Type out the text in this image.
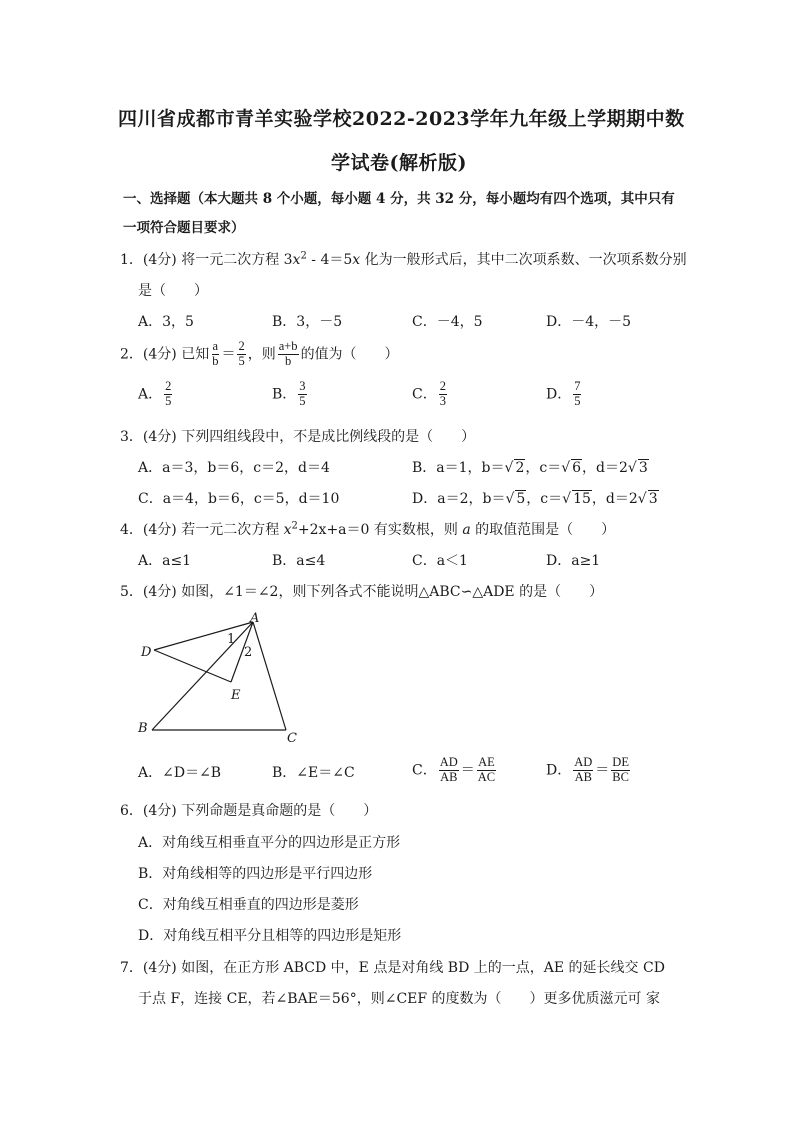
四川省成都市青羊实验学校2022-2023学年九年级上学期期中数
学试卷(解析版)
一、选择题（本大题共 8 个小题，每小题 4 分，共 32 分，每小题均有四个选项，其中只有
一项符合题目要求）
1．(4分) 将一元二次方程 $3x^2 - 4=5x$ 化为一般形式后，其中二次项系数、一次项系数分别
是（　　）
A．3，5	B．3，－5	C．－4，5	D．－4，－5
2．(4分) 已知 $\frac{a}{b} = \frac{2}{5}$ ，则 $\frac{a+b}{b}$ 的值为（　　）
A． $\frac{2}{5}$	B． $\frac{3}{5}$	C． $\frac{2}{3}$	D． $\frac{7}{5}$
3．(4分) 下列四组线段中，不是成比例线段的是（　　）
A．a＝3，b＝6，c＝2，d＝4	B．a＝1，b＝√ 2，c＝√ 6，d＝2√ 3
C．a＝4，b＝6，c＝5，d＝10	D．a＝2，b＝√ 5，c＝√ 15，d＝2√ 3
4．(4分) 若一元二次方程 $x^2+2x+a=0$ 有实数根，则 a 的取值范围是（　　）
A．a≤1	B．a≤4	C．a＜1	D．a≥1
5．(4分) 如图，∠1＝∠2，则下列各式不能说明△ABC∽△ADE 的是（　　）
A
B
C
D
E
1
2
A．∠D＝∠B	B．∠E＝∠C	C． $\frac{AD}{AB} = \frac{AE}{AC}$	D． $\frac{AD}{AB} = \frac{DE}{BC}$
6．(4分) 下列命题是真命题的是（　　）
A．对角线互相垂直平分的四边形是正方形
B．对角线相等的四边形是平行四边形
C．对角线互相垂直的四边形是菱形
D．对角线互相平分且相等的四边形是矩形
7．(4分) 如图，在正方形 ABCD 中，E 点是对角线 BD 上的一点，AE 的延长线交 CD
于点 F，连接 CE，若∠BAE＝56°，则∠CEF 的度数为（　　）更多优质滋元可 家
